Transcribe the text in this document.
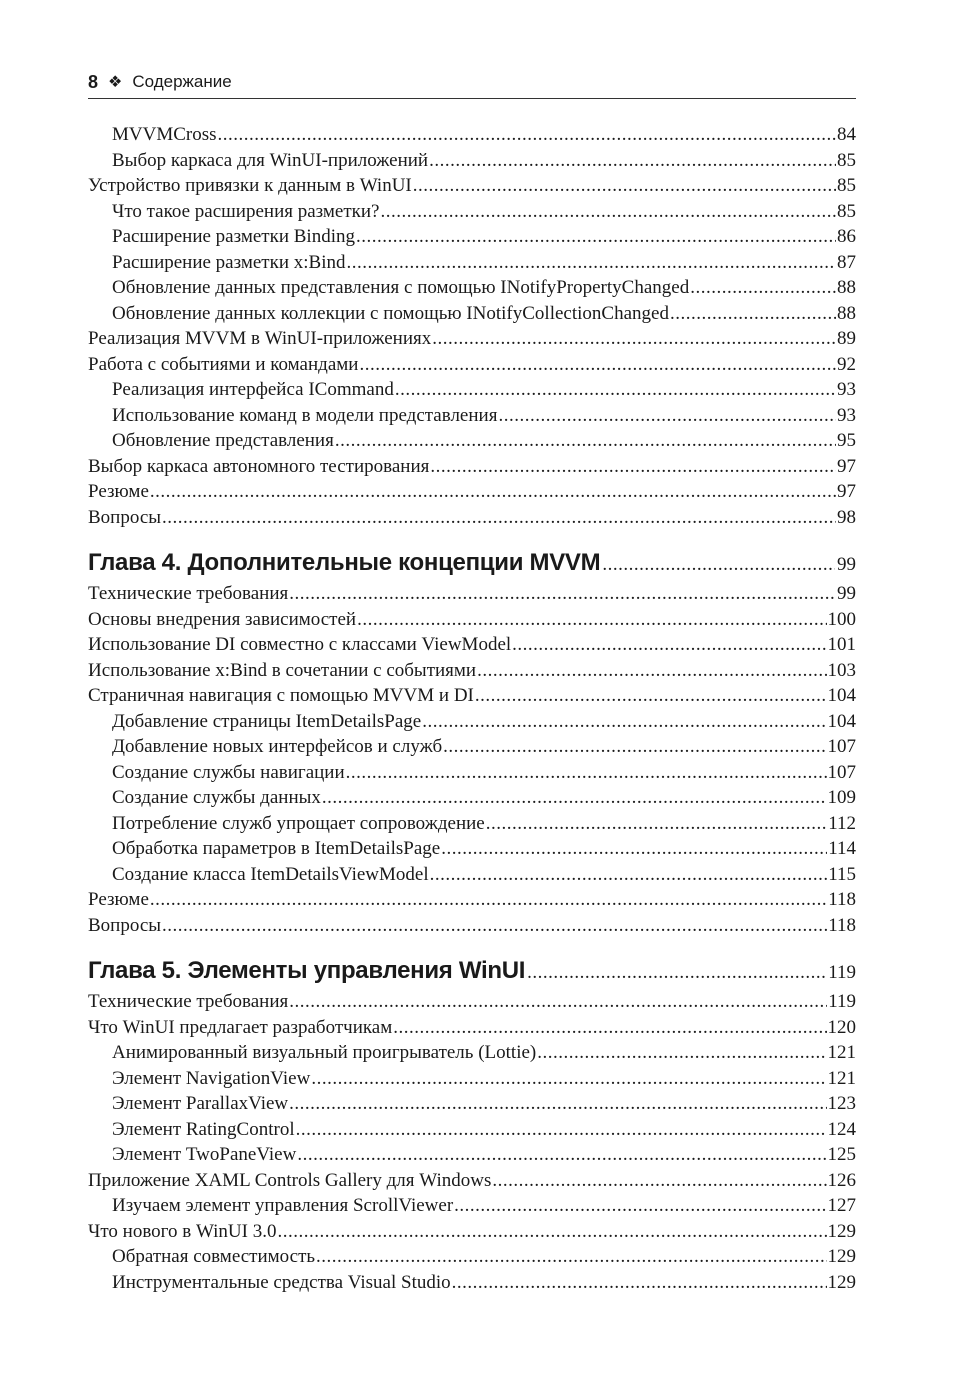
8 ❖ Содержание
MVVMCross .....	84
Выбор каркаса для WinUI-приложений .....	85
Устройство привязки к данным в WinUI .....	85
Что такое расширения разметки? .....	85
Расширение разметки Binding .....	86
Расширение разметки x:Bind .....	87
Обновление данных представления с помощью INotifyPropertyChanged .....	88
Обновление данных коллекции с помощью INotifyCollectionChanged .....	88
Реализация MVVM в WinUI-приложениях .....	89
Работа с событиями и командами .....	92
Реализация интерфейса ICommand .....	93
Использование команд в модели представления .....	93
Обновление представления .....	95
Выбор каркаса автономного тестирования .....	97
Резюме .....	97
Вопросы .....	98
Глава 4. Дополнительные концепции MVVM .....	99
Технические требования .....	99
Основы внедрения зависимостей .....	100
Использование DI совместно с классами ViewModel .....	101
Использование x:Bind в сочетании с событиями .....	103
Страничная навигация с помощью MVVM и DI .....	104
Добавление страницы ItemDetailsPage .....	104
Добавление новых интерфейсов и служб .....	107
Создание службы навигации .....	107
Создание службы данных .....	109
Потребление служб упрощает сопровождение .....	112
Обработка параметров в ItemDetailsPage .....	114
Создание класса ItemDetailsViewModel .....	115
Резюме .....	118
Вопросы .....	118
Глава 5. Элементы управления WinUI .....	119
Технические требования .....	119
Что WinUI предлагает разработчикам .....	120
Анимированный визуальный проигрыватель (Lottie) .....	121
Элемент NavigationView .....	121
Элемент ParallaxView .....	123
Элемент RatingControl .....	124
Элемент TwoPaneView .....	125
Приложение XAML Controls Gallery для Windows .....	126
Изучаем элемент управления ScrollViewer .....	127
Что нового в WinUI 3.0 .....	129
Обратная совместимость .....	129
Инструментальные средства Visual Studio .....	129
